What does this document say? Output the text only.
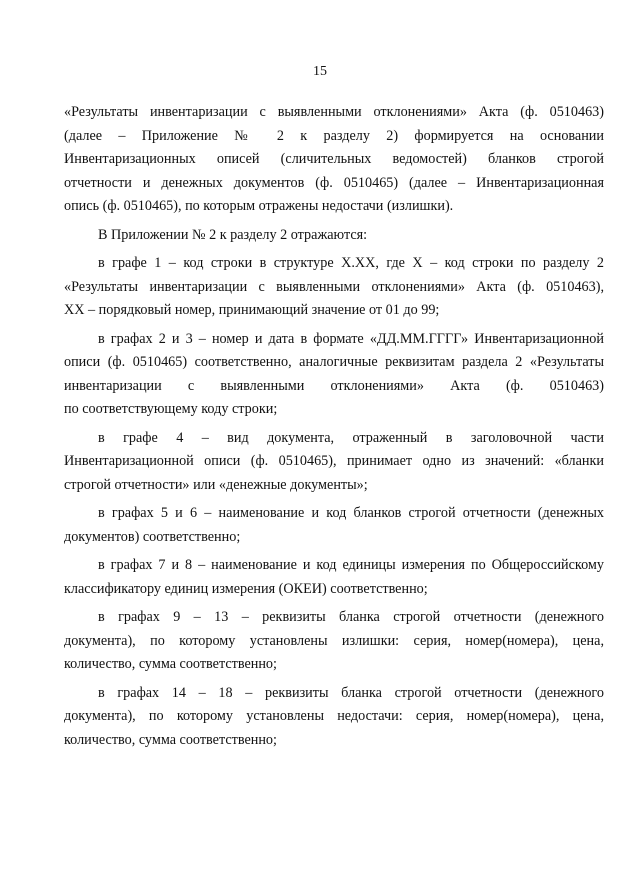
15
«Результаты инвентаризации с выявленными отклонениями» Акта (ф. 0510463)
(далее – Приложение № 2 к разделу 2) формируется на основании
Инвентаризационных описей (сличительных ведомостей) бланков строгой
отчетности и денежных документов (ф. 0510465) (далее – Инвентаризационная
опись (ф. 0510465), по которым отражены недостачи (излишки).
В Приложении № 2 к разделу 2 отражаются:
в графе 1 – код строки в структуре X.XX, где X – код строки по разделу 2
«Результаты инвентаризации с выявленными отклонениями» Акта (ф. 0510463),
XX – порядковый номер, принимающий значение от 01 до 99;
в графах 2 и 3 – номер и дата в формате «ДД.ММ.ГГГГ» Инвентаризационной
описи (ф. 0510465) соответственно, аналогичные реквизитам раздела 2 «Результаты
инвентаризации с выявленными отклонениями» Акта (ф. 0510463)
по соответствующему коду строки;
в графе 4 – вид документа, отраженный в заголовочной части
Инвентаризационной описи (ф. 0510465), принимает одно из значений: «бланки
строгой отчетности» или «денежные документы»;
в графах 5 и 6 – наименование и код бланков строгой отчетности (денежных
документов) соответственно;
в графах 7 и 8 – наименование и код единицы измерения по Общероссийскому
классификатору единиц измерения (ОКЕИ) соответственно;
в графах 9 – 13 – реквизиты бланка строгой отчетности (денежного
документа), по которому установлены излишки: серия, номер(номера), цена,
количество, сумма соответственно;
в графах 14 – 18 – реквизиты бланка строгой отчетности (денежного
документа), по которому установлены недостачи: серия, номер(номера), цена,
количество, сумма соответственно;
